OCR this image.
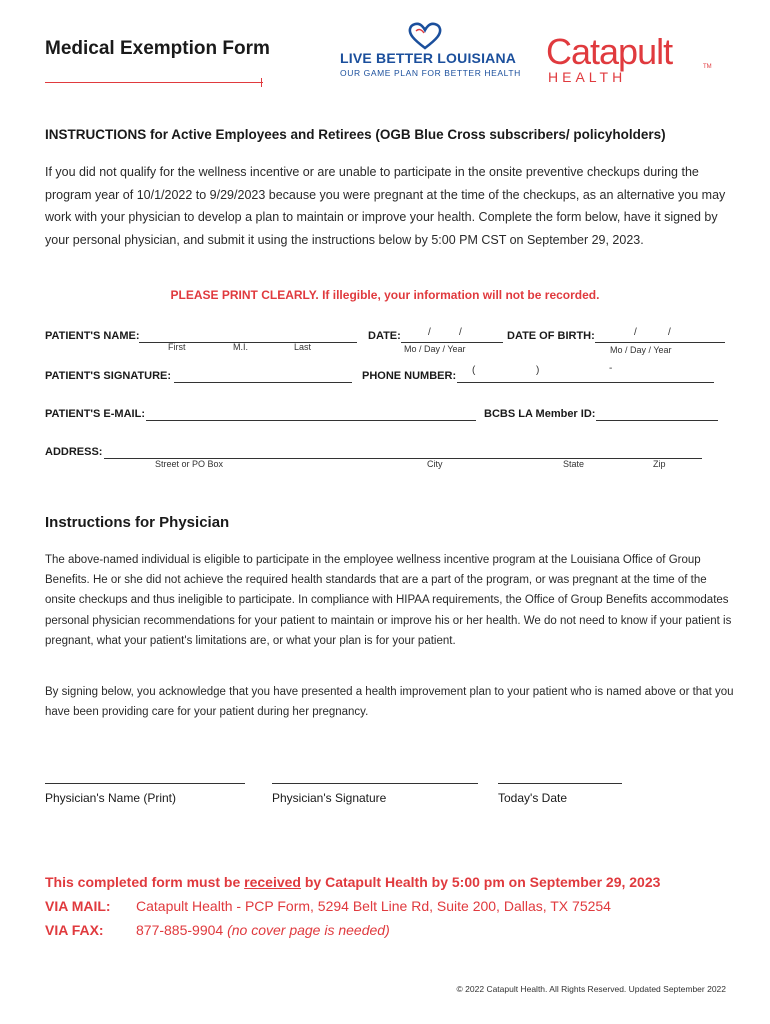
Medical Exemption Form	LIVE BETTER LOUISIANA
OUR GAME PLAN FOR BETTER HEALTH
Catapult
HEALTH
TM
INSTRUCTIONS for Active Employees and Retirees (OGB Blue Cross subscribers/ policyholders)
If you did not qualify for the wellness incentive or are unable to participate in the onsite preventive checkups during the program year of 10/1/2022 to 9/29/2023 because you were pregnant at the time of the checkups, as an alternative you may work with your physician to develop a plan to maintain or improve your health. Complete the form below, have it signed by your personal physician, and submit it using the instructions below by 5:00 PM CST on September 29, 2023.
PLEASE PRINT CLEARLY. If illegible, your information will not be recorded.
PATIENT'S NAME:
First	M.I.	Last
DATE:	/	/
Mo / Day / Year
DATE OF BIRTH:	/	/
Mo / Day / Year
PATIENT'S SIGNATURE:	PHONE NUMBER: (	)	-
PATIENT'S E-MAIL:	BCBS LA Member ID:
ADDRESS:
Street or PO Box	City	State	Zip
Instructions for Physician
The above-named individual is eligible to participate in the employee wellness incentive program at the Louisiana Office of Group Benefits. He or she did not achieve the required health standards that are a part of the program, or was pregnant at the time of the onsite checkups and thus ineligible to participate. In compliance with HIPAA requirements, the Office of Group Benefits accommodates personal physician recommendations for your patient to maintain or improve his or her health. We do not need to know if your patient is pregnant, what your patient's limitations are, or what your plan is for your patient.
By signing below, you acknowledge that you have presented a health improvement plan to your patient who is named above or that you have been providing care for your patient during her pregnancy.
Physician's Name (Print)	Physician's Signature	Today's Date
This completed form must be received by Catapult Health by 5:00 pm on September 29, 2023
VIA MAIL: Catapult Health - PCP Form, 5294 Belt Line Rd, Suite 200, Dallas, TX 75254
VIA FAX: 877-885-9904 (no cover page is needed)
© 2022 Catapult Health. All Rights Reserved. Updated September 2022
